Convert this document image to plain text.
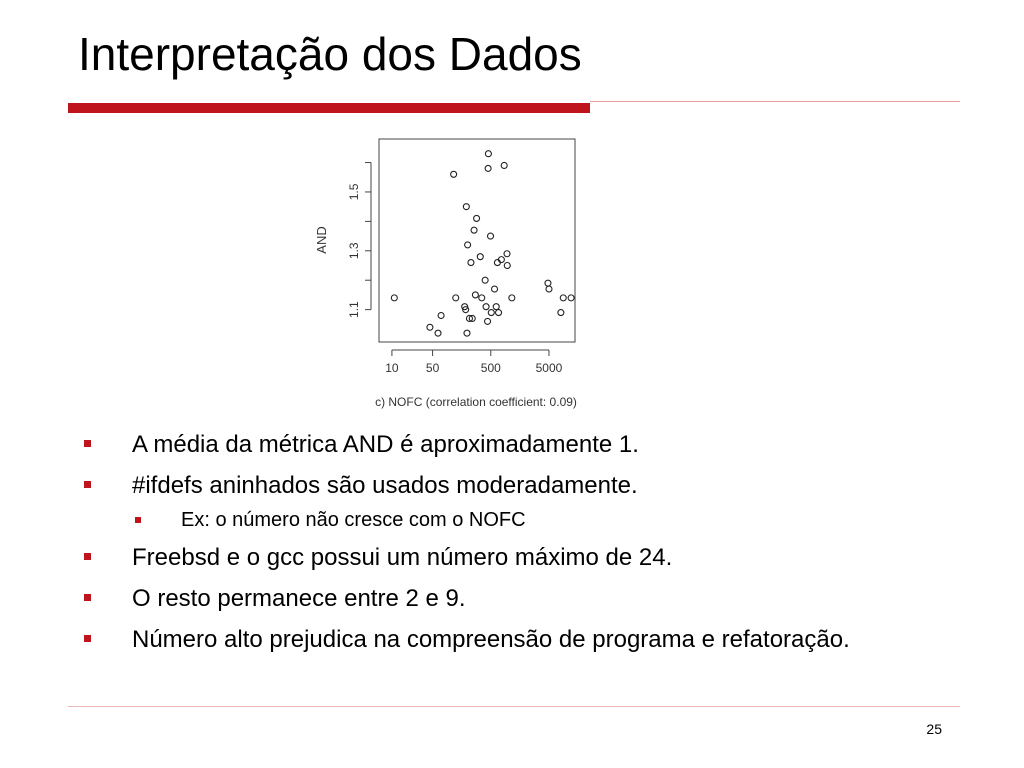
Interpretação dos Dados
10 50	500	5000
1.1
1.3
1.5
AND
c) NOFC (correlation coefficient: 0.09)
A média da métrica AND é aproximadamente 1.
#ifdefs aninhados são usados moderadamente.
Ex: o número não cresce com o NOFC
Freebsd e o gcc possui um número máximo de 24.
O resto permanece entre 2 e 9.
Número alto prejudica na compreensão de programa e refatoração.
25
